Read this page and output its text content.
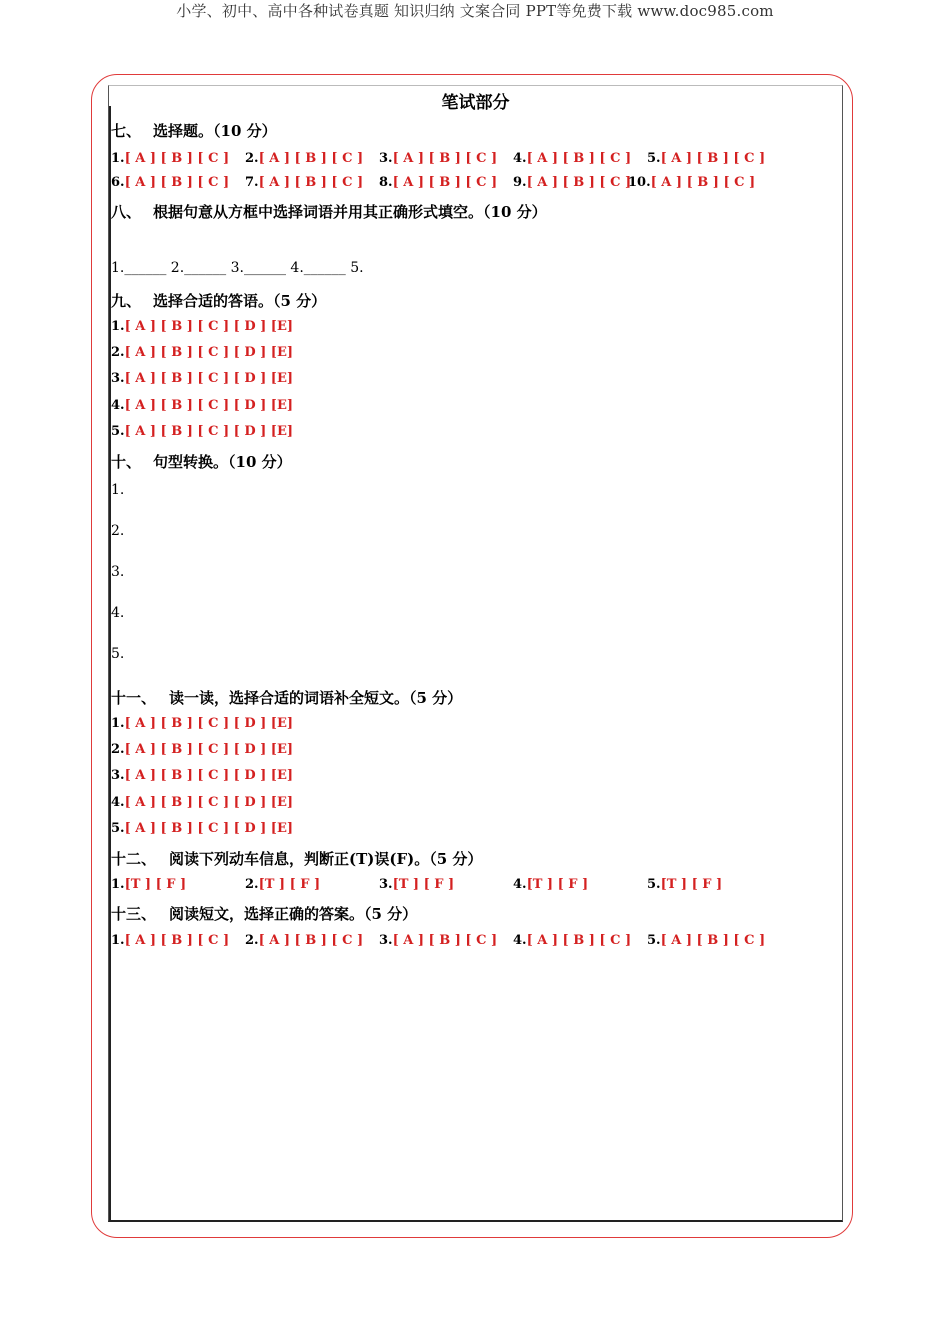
小学、初中、高中各种试卷真题 知识归纳 文案合同 PPT等免费下载 www.doc985.com
笔试部分
七、 选择题。（10 分）
1.[ A ] [ B ] [ C ] 2.[ A ] [ B ] [ C ] 3.[ A ] [ B ] [ C ] 4.[ A ] [ B ] [ C ] 5.[ A ] [ B ] [ C ]
6.[ A ] [ B ] [ C ] 7.[ A ] [ B ] [ C ] 8.[ A ] [ B ] [ C ] 9.[ A ] [ B ] [ C ]
10.[ A ] [ B ] [ C ]
八、 根据句意从方框中选择词语并用其正确形式填空。（10 分）
1.______ 2.______ 3.______ 4.______ 5.
九、 选择合适的答语。（5 分）
1.[ A ] [ B ] [ C ] [ D ] [E]
2.[ A ] [ B ] [ C ] [ D ] [E]
3.[ A ] [ B ] [ C ] [ D ] [E]
4.[ A ] [ B ] [ C ] [ D ] [E]
5.[ A ] [ B ] [ C ] [ D ] [E]
十、 句型转换。（10 分）
1.
2.
3.
4.
5.
十一、 读一读，选择合适的词语补全短文。（5 分）
1.[ A ] [ B ] [ C ] [ D ] [E]
2.[ A ] [ B ] [ C ] [ D ] [E]
3.[ A ] [ B ] [ C ] [ D ] [E]
4.[ A ] [ B ] [ C ] [ D ] [E]
5.[ A ] [ B ] [ C ] [ D ] [E]
十二、 阅读下列动车信息，判断正(T)误(F)。（5 分）
1.[T ] [ F ]	2.[T ] [ F ]	3.[T ] [ F ]	4.[T ] [ F ]	5.[T ] [ F ]
十三、 阅读短文，选择正确的答案。（5 分）
1.[ A ] [ B ] [ C ] 2.[ A ] [ B ] [ C ] 3.[ A ] [ B ] [ C ] 4.[ A ] [ B ] [ C ] 5.[ A ] [ B ] [ C ]
